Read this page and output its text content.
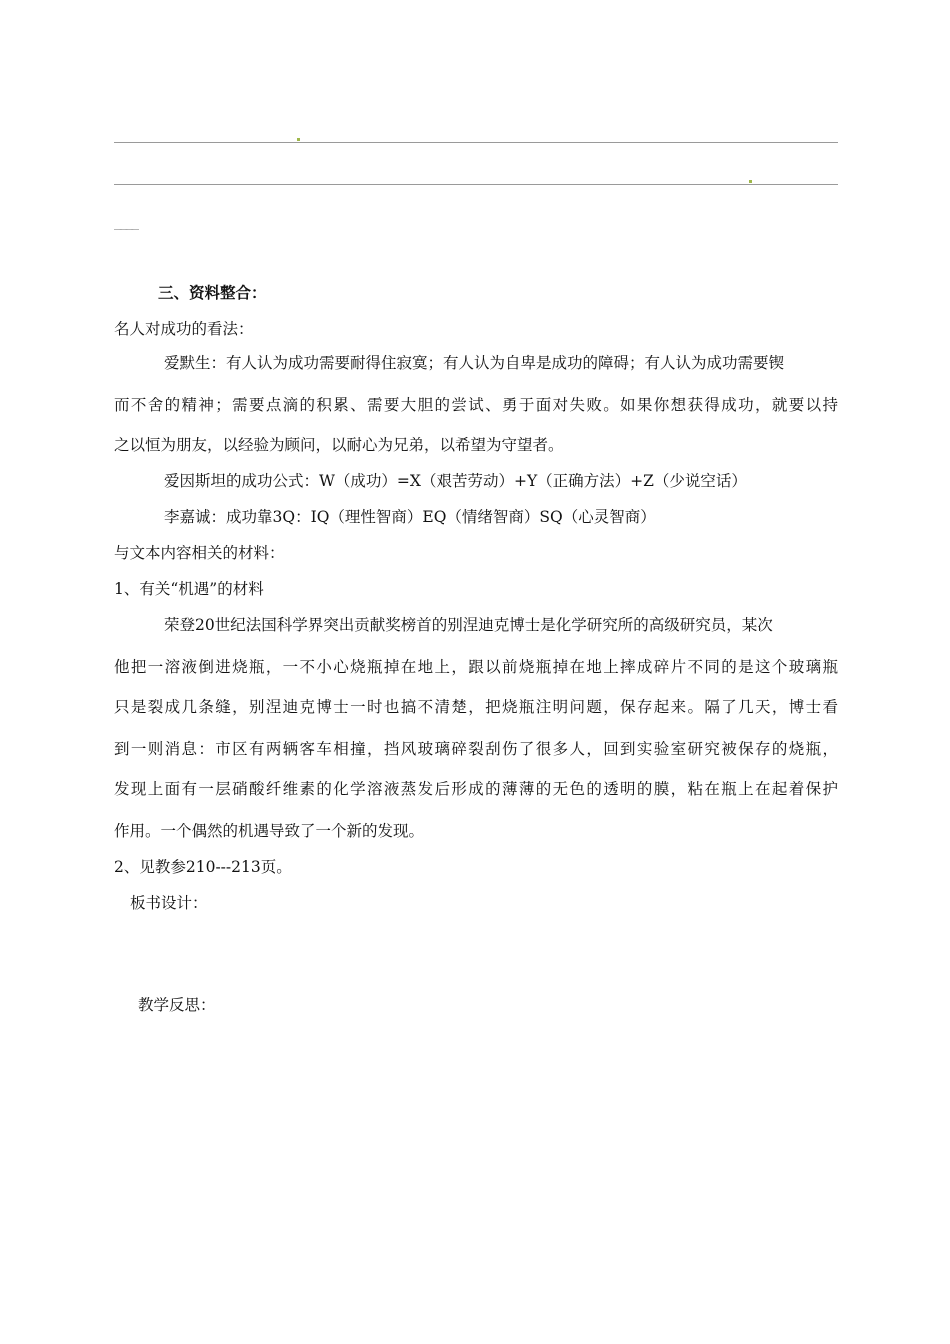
____
三、资料整合：
名人对成功的看法：
爱默生：有人认为成功需要耐得住寂寞；有人认为自卑是成功的障碍；有人认为成功需要锲
而不舍的精神；需要点滴的积累、需要大胆的尝试、勇于面对失败。如果你想获得成功，就要以持
之以恒为朋友，以经验为顾问，以耐心为兄弟，以希望为守望者。
爱因斯坦的成功公式：W（成功）=X（艰苦劳动）+Y（正确方法）+Z（少说空话）
李嘉诚：成功靠3Q：IQ（理性智商）EQ（情绪智商）SQ（心灵智商）
与文本内容相关的材料：
1、有关“机遇”的材料
荣登20世纪法国科学界突出贡献奖榜首的别涅迪克博士是化学研究所的高级研究员，某次
他把一溶液倒进烧瓶，一不小心烧瓶掉在地上，跟以前烧瓶掉在地上摔成碎片不同的是这个玻璃瓶
只是裂成几条缝，别涅迪克博士一时也搞不清楚，把烧瓶注明问题，保存起来。隔了几天，博士看
到一则消息：市区有两辆客车相撞，挡风玻璃碎裂刮伤了很多人，回到实验室研究被保存的烧瓶，
发现上面有一层硝酸纤维素的化学溶液蒸发后形成的薄薄的无色的透明的膜，粘在瓶上在起着保护
作用。一个偶然的机遇导致了一个新的发现。
2、见教参210---213页。
板书设计：
教学反思：
